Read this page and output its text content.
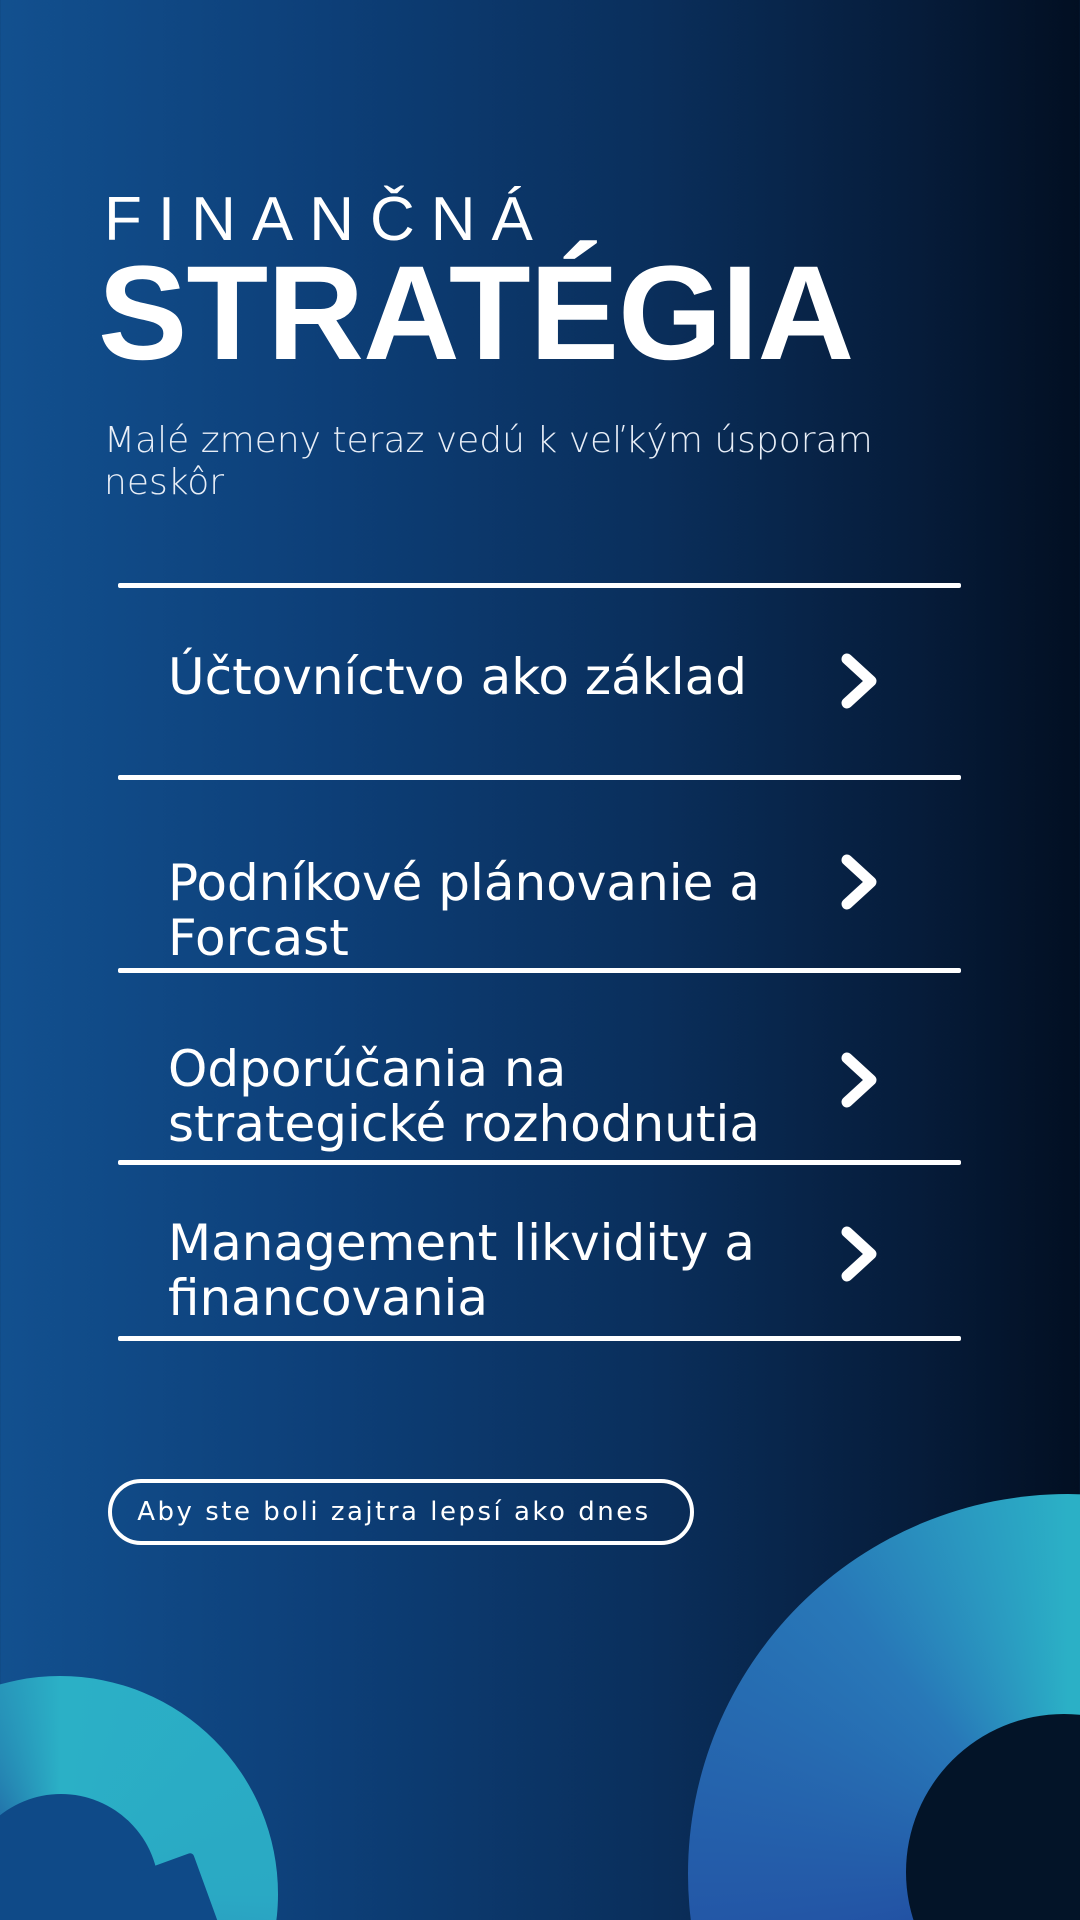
FINANČNÁ
STRATÉGIA
Malé zmeny teraz vedú k veľkým úsporam neskôr
Účtovníctvo ako základ
Podníkové plánovanie a Forcast
Odporúčania na strategické rozhodnutia
Management likvidity a financovania
Aby ste boli zajtra lepsí ako dnes
